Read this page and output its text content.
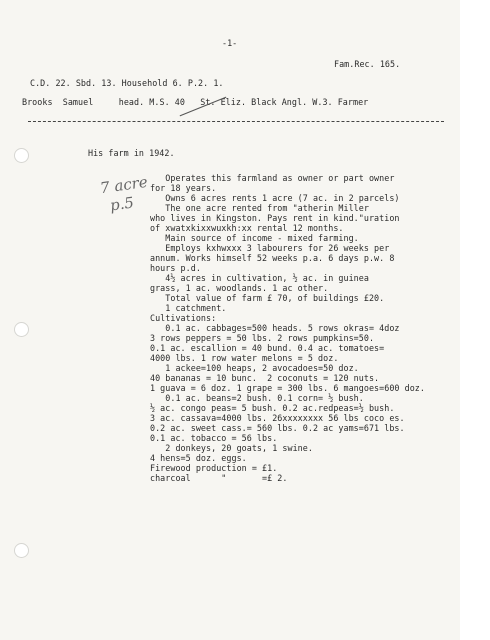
-1-
Fam.Rec. 165.
C.D. 22. Sbd. 13. Household 6. P.2. 1.
Brooks  Samuel     head. M.S. 40   St. Eliz. Black Angl. W.3. Farmer
His farm in 1942.
7 acre
p.5
Operates this farmland as owner or part owner
for 18 years.
Owns 6 acres rents 1 acre (7 ac. in 2 parcels)
The one acre rented from "atherin Miller
who lives in Kingston. Pays rent in kind."uration
of xwatxkixxwuxkh:xx rental 12 months.
Main source of income - mixed farming.
Employs kxhwxxx 3 labourers for 26 weeks per
annum. Works himself 52 weeks p.a. 6 days p.w. 8
hours p.d.
4½ acres in cultivation, ½ ac. in guinea
grass, 1 ac. woodlands. 1 ac other.
Total value of farm £ 70, of buildings £20.
1 catchment.
Cultivations:
0.1 ac. cabbages=500 heads. 5 rows okras= 4doz
3 rows peppers = 50 lbs. 2 rows pumpkins=50.
0.1 ac. escallion = 40 bund. 0.4 ac. tomatoes=
4000 lbs. 1 row water melons = 5 doz.
1 ackee=100 heaps, 2 avocadoes=50 doz.
40 bananas = 10 bunc.  2 coconuts = 120 nuts.
1 guava = 6 doz. 1 grape = 300 lbs. 6 mangoes=600 doz.
0.1 ac. beans=2 bush. 0.1 corn= ½ bush.
½ ac. congo peas= 5 bush. 0.2 ac.redpeas=½ bush.
3 ac. cassava=4000 lbs. 26xxxxxxxx 56 lbs coco es.
0.2 ac. sweet cass.= 560 lbs. 0.2 ac yams=671 lbs.
0.1 ac. tobacco = 56 lbs.
2 donkeys, 20 goats, 1 swine.
4 hens=5 doz. eggs.
Firewood production = £1.
charcoal      "       =£ 2.
